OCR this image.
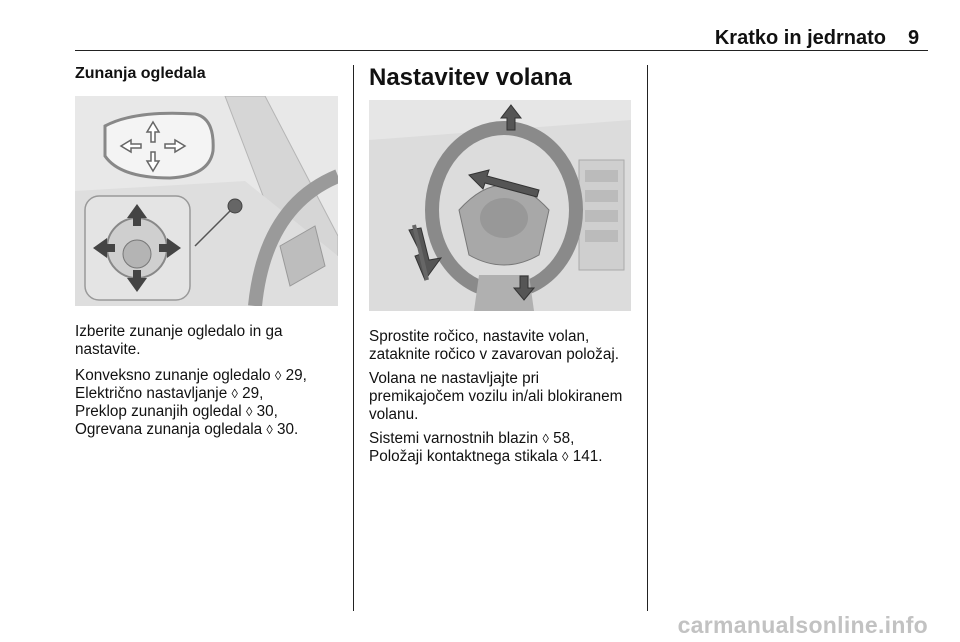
Kratko in jedrnato 9
Zunanja ogledala

Izberite zunanje ogledalo in ga
nastavite.

Konveksno zunanje ogledalo ◊ 29,
Električno nastavljanje ◊ 29,
Preklop zunanjih ogledal ◊ 30,
Ogrevana zunanja ogledala ◊ 30.

Nastavitev volana

Sprostite ročico, nastavite volan,
zataknite ročico v zavarovan položaj.

Volana ne nastavljajte pri
premikajočem vozilu in/ali blokiranem
volanu.

Sistemi varnostnih blazin ◊ 58,
Položaji kontaktnega stikala ◊ 141.

carmanualsonline.info
